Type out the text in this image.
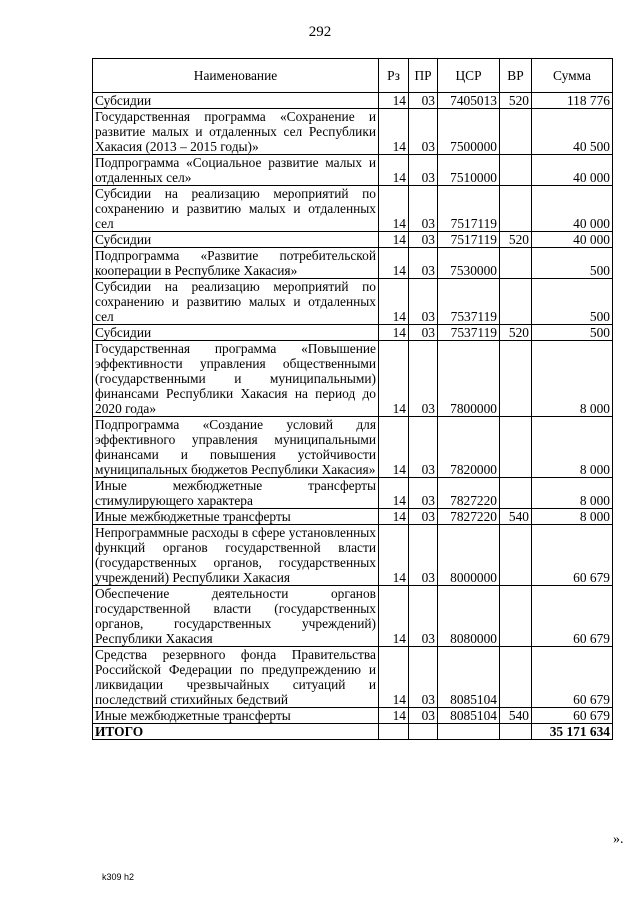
292
Наименование	Рз	ПР	ЦСР	ВР	Сумма
Субсидии	14	03	7405013	520	118 776
Государственная программа «Сохранение и развитие малых и отдаленных сел Республики Хакасия (2013 – 2015 годы)»	14	03	7500000		40 500
Подпрограмма «Социальное развитие малых и отдаленных сел»	14	03	7510000		40 000
Субсидии на реализацию мероприятий по сохранению и развитию малых и отдаленных сел	14	03	7517119		40 000
Субсидии	14	03	7517119	520	40 000
Подпрограмма «Развитие потребительской кооперации в Республике Хакасия»	14	03	7530000		500
Субсидии на реализацию мероприятий по сохранению и развитию малых и отдаленных сел	14	03	7537119		500
Субсидии	14	03	7537119	520	500
Государственная программа «Повышение эффективности управления общественными (государственными и муниципальными) финансами Республики Хакасия на период до 2020 года»	14	03	7800000		8 000
Подпрограмма «Создание условий для эффективного управления муниципальными финансами и повышения устойчивости муниципальных бюджетов Республики Хакасия»	14	03	7820000		8 000
Иные межбюджетные трансферты стимулирующего характера	14	03	7827220		8 000
Иные межбюджетные трансферты	14	03	7827220	540	8 000
Непрограммные расходы в сфере установленных функций органов государственной власти (государственных органов, государственных учреждений) Республики Хакасия	14	03	8000000		60 679
Обеспечение деятельности органов государственной власти (государственных органов, государственных учреждений) Республики Хакасия	14	03	8080000		60 679
Средства резервного фонда Правительства Российской Федерации по предупреждению и ликвидации чрезвычайных ситуаций и последствий стихийных бедствий	14	03	8085104		60 679
Иные межбюджетные трансферты	14	03	8085104	540	60 679
ИТОГО					35 171 634
».
k309 h2
